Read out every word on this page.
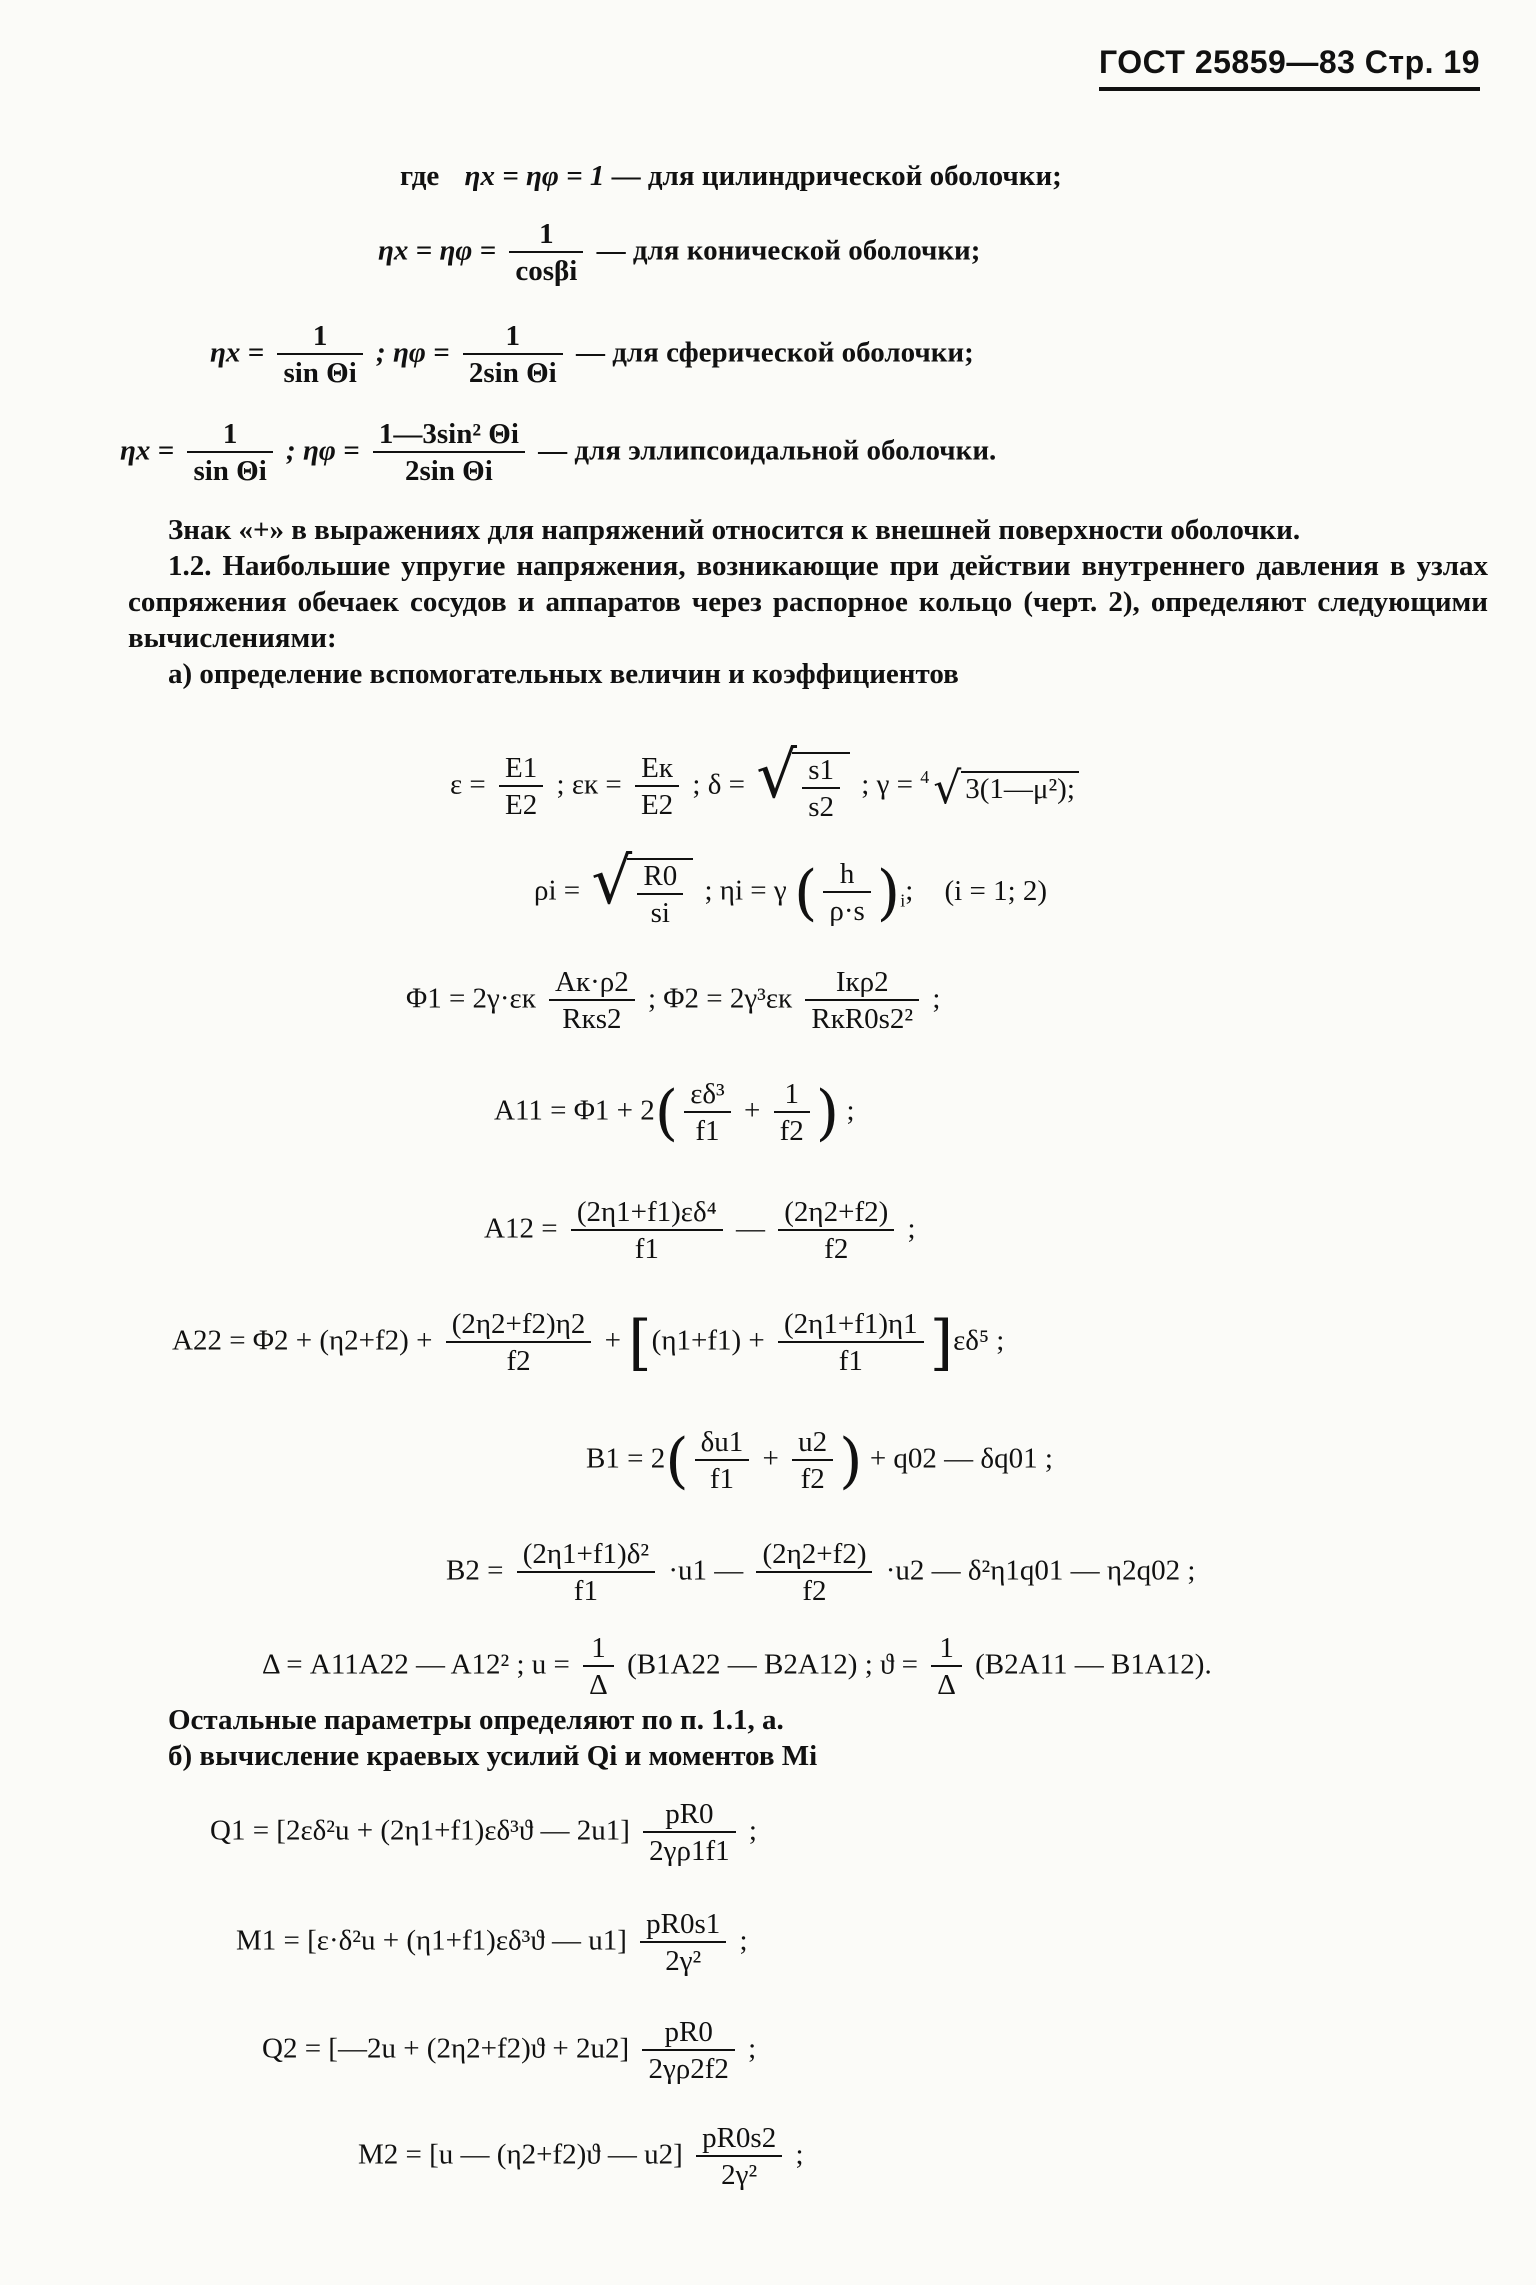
ГОСТ 25859—83 Стр. 19
где ηx = ηφ = 1 — для цилиндрической оболочки;
$\eta x = \eta\varphi = \frac{1}{\cos\beta i}$ — для конической оболочки;
$\eta x = \frac{1}{\text{sin Θi}}$ ; $\eta\varphi = \frac{1}{\text{2sin Θi}}$ — для сферической оболочки;
$\eta x = \frac{1}{\text{sin Θi}}$ ; $\eta\varphi = \frac{\text{1—3sin² Θi}}{\text{2sin Θi}}$ — для эллипсоидальной оболочки.

Знак «+» в выражениях для напряжений относится к внешней поверхности оболочки.

1.2. Наибольшие упругие напряжения, возникающие при действии внутреннего давления в узлах сопряжения обечаек сосудов и аппаратов через распорное кольцо (черт. 2), определяют следующими вычислениями:

а) определение вспомогательных величин и коэффициентов

$\varepsilon = \frac{E1}{E2}$ ; $\varepsilon к = \frac{Eк}{E2}$ ; δ = √ $\frac{s1}{s2}$ ; γ = $^4$ √ 3(1—μ²);
ρi = √ $\frac{R0}{si}$ ; ηi = γ ( $\frac{h}{\rho\cdot s} )_i$; (i = 1; 2)
$\Phi 1 = 2\gamma\cdot\varepsilon к \frac{Aк\cdot\rho 2}{\text{Rкs2}}$ ; $\Phi 2 = 2\gamma^3\varepsilon к \frac{\text{Iкρ2}}{\text{RкR0s2²}}$ ;
$A11 = \Phi 1 + 2( \frac{\text{εδ³}}{f1} + \frac{1}{f2}$ ) ;
$A12 = \frac{\text{(2η1+f1)εδ⁴}}{f1}$ — $\frac{(2\eta 2+f2)}{f2}$ ;
$A22 = \Phi 2 + (\eta 2+f2) + \frac{(2\eta 2+f2)\eta 2}{f2} + [(\eta 1+f1) + \frac{(2\eta 1+f1)\eta 1}{f1} ]\varepsilon\delta^5$ ;
$B1 = 2( \frac{\delta u1}{f1} + \frac{u2}{f2}$ ) + q02 — δq01 ;
$B2 = \frac{\text{(2η1+f1)δ²}}{f1} \cdot u1$ — $\frac{(2\eta 2+f2)}{f2} \cdot u2$ — δ²η1q01 — η2q02 ;
Δ = A11A22 — A12² ; $u = \frac{1}{\Delta} (B1A22$ — B2A12) ; $ϑ = \frac{1}{\Delta} (B2A11$ — B1A12).

Остальные параметры определяют по п. 1.1, а.

б) вычисление краевых усилий Qi и моментов Mi

Q1 = [2εδ²u + (2η1+f1)εδ³ϑ — $2u1] \frac{pR0}{2\gamma\rho 1f1}$ ;
M1 = [ε·δ²u + (η1+f1)εδ³ϑ — $u1] \frac{pR0s1}{\text{2γ²}}$ ;
Q2 = [—2u + $(2\eta 2+f2)ϑ + 2u2] \frac{pR0}{2\gamma\rho 2f2}$ ;
M2 = [u — (η2+f2)ϑ — $u2] \frac{pR0s2}{\text{2γ²}}$ ;
